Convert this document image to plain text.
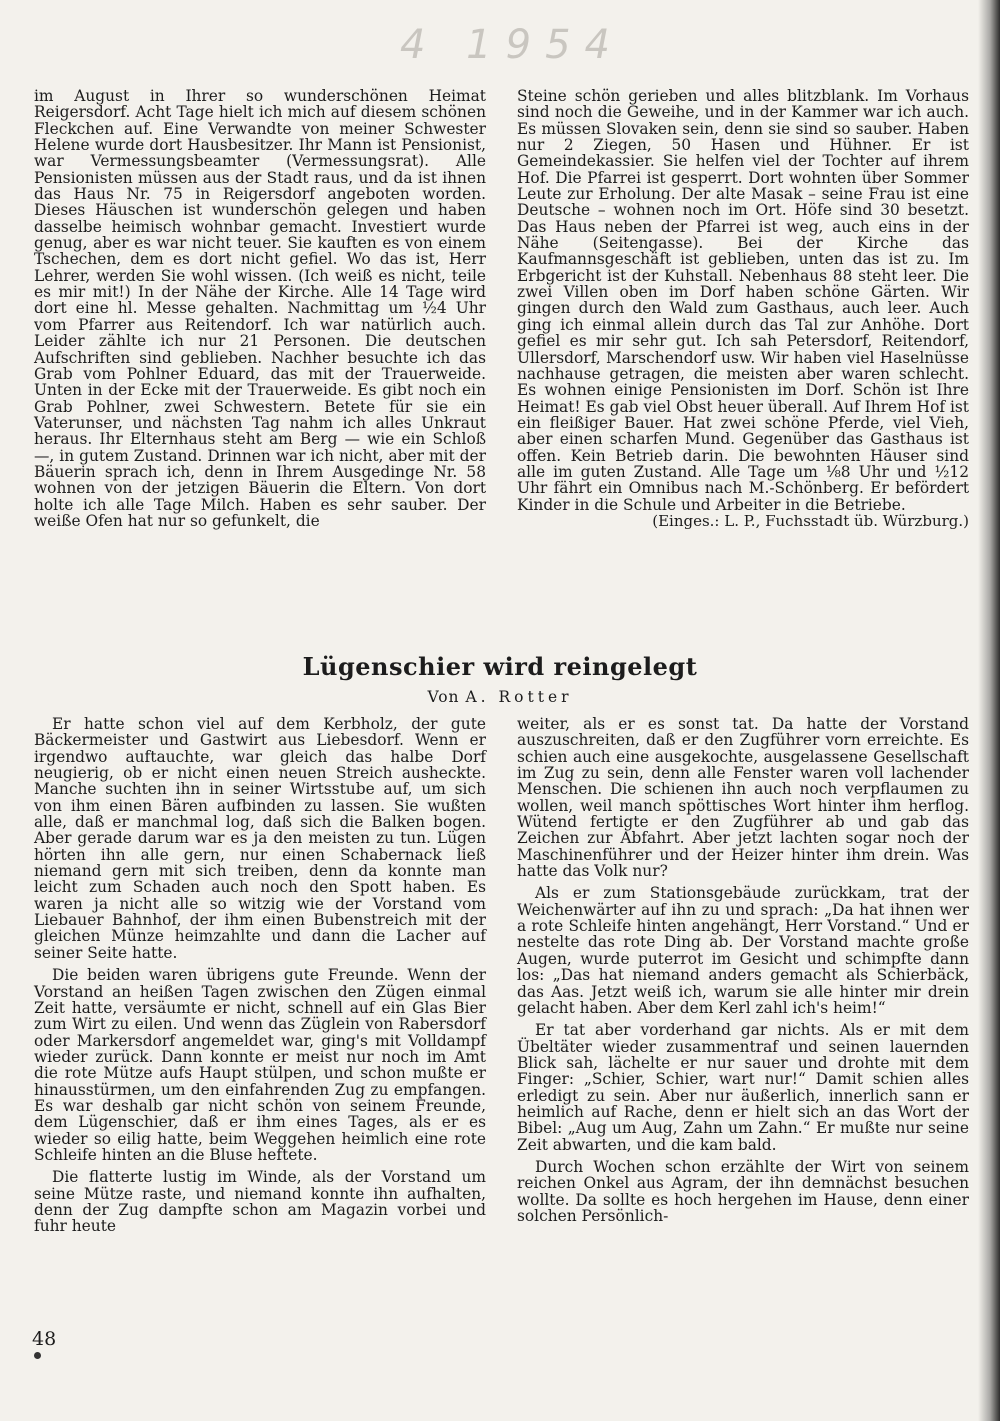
4 1954

im August in Ihrer so wunderschönen Heimat Reigersdorf. Acht Tage hielt ich mich auf diesem schönen Fleckchen auf. Eine Verwandte von meiner Schwester Helene wurde dort Hausbesitzer. Ihr Mann ist Pensionist, war Vermessungsbeamter (Vermessungsrat). Alle Pensionisten müssen aus der Stadt raus, und da ist ihnen das Haus Nr. 75 in Reigersdorf angeboten worden. Dieses Häuschen ist wunderschön gelegen und haben dasselbe heimisch wohnbar gemacht. Investiert wurde genug, aber es war nicht teuer. Sie kauften es von einem Tschechen, dem es dort nicht gefiel. Wo das ist, Herr Lehrer, werden Sie wohl wissen. (Ich weiß es nicht, teile es mir mit!) In der Nähe der Kirche. Alle 14 Tage wird dort eine hl. Messe gehalten. Nachmittag um ½4 Uhr vom Pfarrer aus Reitendorf. Ich war natürlich auch. Leider zählte ich nur 21 Personen. Die deutschen Aufschriften sind geblieben. Nachher besuchte ich das Grab vom Pohlner Eduard, das mit der Trauerweide. Unten in der Ecke mit der Trauerweide. Es gibt noch ein Grab Pohlner, zwei Schwestern. Betete für sie ein Vaterunser, und nächsten Tag nahm ich alles Unkraut heraus. Ihr Elternhaus steht am Berg — wie ein Schloß —, in gutem Zustand. Drinnen war ich nicht, aber mit der Bäuerin sprach ich, denn in Ihrem Ausgedinge Nr. 58 wohnen von der jetzigen Bäuerin die Eltern. Von dort holte ich alle Tage Milch. Haben es sehr sauber. Der weiße Ofen hat nur so gefunkelt, die

Steine schön gerieben und alles blitzblank. Im Vorhaus sind noch die Geweihe, und in der Kammer war ich auch. Es müssen Slovaken sein, denn sie sind so sauber. Haben nur 2 Ziegen, 50 Hasen und Hühner. Er ist Gemeindekassier. Sie helfen viel der Tochter auf ihrem Hof. Die Pfarrei ist gesperrt. Dort wohnten über Sommer Leute zur Erholung. Der alte Masak – seine Frau ist eine Deutsche – wohnen noch im Ort. Höfe sind 30 besetzt. Das Haus neben der Pfarrei ist weg, auch eins in der Nähe (Seitengasse). Bei der Kirche das Kaufmannsgeschäft ist geblieben, unten das ist zu. Im Erbgericht ist der Kuhstall. Nebenhaus 88 steht leer. Die zwei Villen oben im Dorf haben schöne Gärten. Wir gingen durch den Wald zum Gasthaus, auch leer. Auch ging ich einmal allein durch das Tal zur Anhöhe. Dort gefiel es mir sehr gut. Ich sah Petersdorf, Reitendorf, Ullersdorf, Marschendorf usw. Wir haben viel Haselnüsse nachhause getragen, die meisten aber waren schlecht. Es wohnen einige Pensionisten im Dorf. Schön ist Ihre Heimat! Es gab viel Obst heuer überall. Auf Ihrem Hof ist ein fleißiger Bauer. Hat zwei schöne Pferde, viel Vieh, aber einen scharfen Mund. Gegenüber das Gasthaus ist offen. Kein Betrieb darin. Die bewohnten Häuser sind alle im guten Zustand. Alle Tage um ⅛8 Uhr und ½12 Uhr fährt ein Omnibus nach M.-Schönberg. Er befördert Kinder in die Schule und Arbeiter in die Betriebe.

(Einges.: L. P., Fuchsstadt üb. Würzburg.)

Lügenschier wird reingelegt
Von A. Rotter

Er hatte schon viel auf dem Kerbholz, der gute Bäckermeister und Gastwirt aus Liebesdorf. Wenn er irgendwo auftauchte, war gleich das halbe Dorf neugierig, ob er nicht einen neuen Streich ausheckte. Manche suchten ihn in seiner Wirtsstube auf, um sich von ihm einen Bären aufbinden zu lassen. Sie wußten alle, daß er manchmal log, daß sich die Balken bogen. Aber gerade darum war es ja den meisten zu tun. Lügen hörten ihn alle gern, nur einen Schabernack ließ niemand gern mit sich treiben, denn da konnte man leicht zum Schaden auch noch den Spott haben. Es waren ja nicht alle so witzig wie der Vorstand vom Liebauer Bahnhof, der ihm einen Bubenstreich mit der gleichen Münze heimzahlte und dann die Lacher auf seiner Seite hatte.

Die beiden waren übrigens gute Freunde. Wenn der Vorstand an heißen Tagen zwischen den Zügen einmal Zeit hatte, versäumte er nicht, schnell auf ein Glas Bier zum Wirt zu eilen. Und wenn das Züglein von Rabersdorf oder Markersdorf angemeldet war, ging's mit Volldampf wieder zurück. Dann konnte er meist nur noch im Amt die rote Mütze aufs Haupt stülpen, und schon mußte er hinausstürmen, um den einfahrenden Zug zu empfangen. Es war deshalb gar nicht schön von seinem Freunde, dem Lügenschier, daß er ihm eines Tages, als er es wieder so eilig hatte, beim Weggehen heimlich eine rote Schleife hinten an die Bluse heftete.

Die flatterte lustig im Winde, als der Vorstand um seine Mütze raste, und niemand konnte ihn aufhalten, denn der Zug dampfte schon am Magazin vorbei und fuhr heute

weiter, als er es sonst tat. Da hatte der Vorstand auszuschreiten, daß er den Zugführer vorn erreichte. Es schien auch eine ausgekochte, ausgelassene Gesellschaft im Zug zu sein, denn alle Fenster waren voll lachender Menschen. Die schienen ihn auch noch verpflaumen zu wollen, weil manch spöttisches Wort hinter ihm herflog. Wütend fertigte er den Zugführer ab und gab das Zeichen zur Abfahrt. Aber jetzt lachten sogar noch der Maschinenführer und der Heizer hinter ihm drein. Was hatte das Volk nur?

Als er zum Stationsgebäude zurückkam, trat der Weichenwärter auf ihn zu und sprach: „Da hat ihnen wer a rote Schleife hinten angehängt, Herr Vorstand.“ Und er nestelte das rote Ding ab. Der Vorstand machte große Augen, wurde puterrot im Gesicht und schimpfte dann los: „Das hat niemand anders gemacht als Schierbäck, das Aas. Jetzt weiß ich, warum sie alle hinter mir drein gelacht haben. Aber dem Kerl zahl ich's heim!“

Er tat aber vorderhand gar nichts. Als er mit dem Übeltäter wieder zusammentraf und seinen lauernden Blick sah, lächelte er nur sauer und drohte mit dem Finger: „Schier, Schier, wart nur!“ Damit schien alles erledigt zu sein. Aber nur äußerlich, innerlich sann er heimlich auf Rache, denn er hielt sich an das Wort der Bibel: „Aug um Aug, Zahn um Zahn.“ Er mußte nur seine Zeit abwarten, und die kam bald.

Durch Wochen schon erzählte der Wirt von seinem reichen Onkel aus Agram, der ihn demnächst besuchen wollte. Da sollte es hoch hergehen im Hause, denn einer solchen Persönlich-

48
